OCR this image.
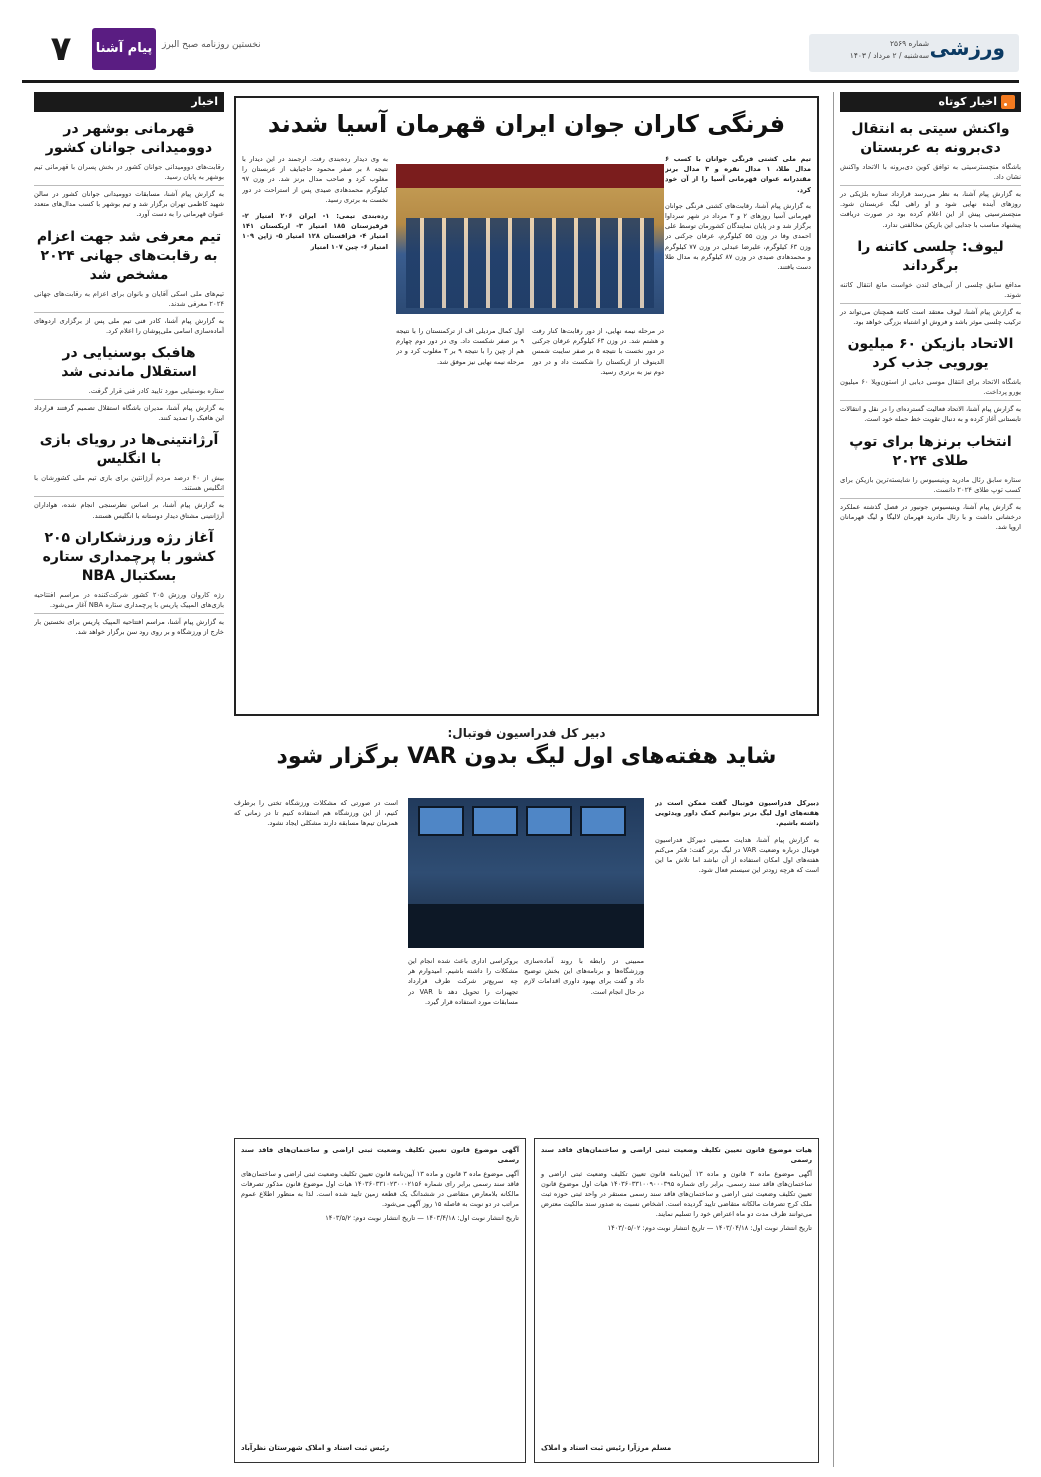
ورزشی
شماره ۲۵۶۹
سه‌شنبه / ۲ مرداد / ۱۴۰۳
۷	پیام آشنا	نخستین روزنامه صبح البرز
اخبار کوتاه
واکنش سیتی به انتقال دی‌برونه به عربستان
باشگاه منچسترسیتی به توافق کوین دی‌برونه با الاتحاد واکنش نشان داد.

به گزارش پیام آشنا، به نظر می‌رسد قرارداد ستاره بلژیکی در روزهای آینده نهایی شود و او راهی لیگ عربستان شود. منچسترسیتی پیش از این اعلام کرده بود در صورت دریافت پیشنهاد مناسب با جدایی این بازیکن مخالفتی ندارد.

لیوف: چلسی کاتنه را برگرداند
مدافع سابق چلسی از آبی‌های لندن خواست مانع انتقال کاتنه شوند.

به گزارش پیام آشنا، لیوف معتقد است کاتنه همچنان می‌تواند در ترکیب چلسی موثر باشد و فروش او اشتباه بزرگی خواهد بود.

الاتحاد بازیکن ۶۰ میلیون یورویی جذب کرد
باشگاه الاتحاد برای انتقال موسی دیابی از استون‌ویلا ۶۰ میلیون یورو پرداخت.

به گزارش پیام آشنا، الاتحاد فعالیت گسترده‌ای را در نقل و انتقالات تابستانی آغاز کرده و به دنبال تقویت خط حمله خود است.

انتخاب برنزها برای توپ طلای ۲۰۲۴
ستاره سابق رئال مادرید وینیسیوس را شایسته‌ترین بازیکن برای کسب توپ طلای ۲۰۲۴ دانست.

به گزارش پیام آشنا، وینیسیوس جونیور در فصل گذشته عملکرد درخشانی داشت و با رئال مادرید قهرمان لالیگا و لیگ قهرمانان اروپا شد.

اخبار
قهرمانی بوشهر در دوومیدانی جوانان کشور
رقابت‌های دوومیدانی جوانان کشور در بخش پسران با قهرمانی تیم بوشهر به پایان رسید.

به گزارش پیام آشنا، مسابقات دوومیدانی جوانان کشور در سالن شهید کاظمی تهران برگزار شد و تیم بوشهر با کسب مدال‌های متعدد عنوان قهرمانی را به دست آورد.

تیم معرفی شد جهت اعزام به رقابت‌های جهانی ۲۰۲۴ مشخص شد
تیم‌های ملی اسکی آقایان و بانوان برای اعزام به رقابت‌های جهانی ۲۰۲۴ معرفی شدند.

به گزارش پیام آشنا، کادر فنی تیم ملی پس از برگزاری اردوهای آماده‌سازی اسامی ملی‌پوشان را اعلام کرد.

هافبک بوسنیایی در استقلال ماندنی شد
ستاره بوسنیایی مورد تایید کادر فنی قرار گرفت.

به گزارش پیام آشنا، مدیران باشگاه استقلال تصمیم گرفتند قرارداد این هافبک را تمدید کنند.

آرژانتینی‌ها در رویای بازی با انگلیس
بیش از ۴۰ درصد مردم آرژانتین برای بازی تیم ملی کشورشان با انگلیس هستند.

به گزارش پیام آشنا، بر اساس نظرسنجی انجام شده، هواداران آرژانتینی مشتاق دیدار دوستانه با انگلیس هستند.

آغاز رژه ورزشکاران ۲۰۵ کشور با پرچمداری ستاره بسکتبال NBA
رژه کاروان ورزش ۲۰۵ کشور شرکت‌کننده در مراسم افتتاحیه بازی‌های المپیک پاریس با پرچمداری ستاره NBA آغاز می‌شود.

به گزارش پیام آشنا، مراسم افتتاحیه المپیک پاریس برای نخستین بار خارج از ورزشگاه و بر روی رود سن برگزار خواهد شد.

فرنگی کاران جوان ایران قهرمان آسیا شدند

تیم ملی کشتی فرنگی جوانان با کسب ۶ مدال طلا، ۱ مدال نقره و ۳ مدال برنز مقتدرانه عنوان قهرمانی آسیا را از آن خود کرد.

به گزارش پیام آشنا، رقابت‌های کشتی فرنگی جوانان قهرمانی آسیا روزهای ۲ و ۳ مرداد در شهر سرداوا برگزار شد و در پایان نمایندگان کشورمان توسط علی احمدی وفا در وزن ۵۵ کیلوگرم، عرفان جرکنی در وزن ۶۳ کیلوگرم، علیرضا عبدلی در وزن ۷۷ کیلوگرم و محمدهادی صیدی در وزن ۸۷ کیلوگرم به مدال طلا دست یافتند.

در مرحله نیمه نهایی، از دور رقابت‌ها کنار رفت و هشتم شد. در وزن ۶۳ کیلوگرم عرفان جرکنی در دور نخست با نتیجه ۵ بر صفر سایبت شمس الدینوف از ازبکستان را شکست داد و در دور دوم نیز به برتری رسید.

اول کمال مردیلی اف از ترکمنستان را با نتیجه ۹ بر صفر شکست داد. وی در دور دوم چهارم هم از چین را با نتیجه ۹ بر ۳ مغلوب کرد و در مرحله نیمه نهایی نیز موفق شد.

به وی دیدار رده‌بندی رفت. ارجمند در این دیدار با نتیجه ۸ بر صفر محمود حاجبایف از عربستان را مغلوب کرد و صاحب مدال برنز شد. در وزن ۹۷ کیلوگرم محمدهادی صیدی پس از استراحت در دور نخست به برتری رسید.

رده‌بندی تیمی: ۱- ایران ۲۰۶ امتیاز ۲- قرقیزستان ۱۸۵ امتیاز ۳- ازبکستان ۱۴۱ امتیاز ۴- قزاقستان ۱۲۸ امتیاز ۵- ژاپن ۱۰۹ امتیاز ۶- چین ۱۰۷ امتیاز

دبیر کل فدراسیون فوتبال:
شاید هفته‌های اول لیگ بدون VAR برگزار شود

دبیرکل فدراسیون فوتبال گفت ممکن است در هفته‌های اول لیگ برتر بتوانیم کمک داور ویدئویی داشته باشیم.

به گزارش پیام آشنا، هدایت ممبینی دبیرکل فدراسیون فوتبال درباره وضعیت VAR در لیگ برتر گفت: فکر می‌کنم هفته‌های اول امکان استفاده از آن نباشد اما تلاش ما این است که هرچه زودتر این سیستم فعال شود.

ممبینی در رابطه با روند آماده‌سازی ورزشگاه‌ها و برنامه‌های این بخش توضیح داد و گفت برای بهبود داوری اقدامات لازم در حال انجام است.

بروکراسی اداری باعث شده انجام این مشکلات را داشته باشیم. امیدوارم هر چه سریع‌تر شرکت طرف قرارداد تجهیزات را تحویل دهد تا VAR در مسابقات مورد استفاده قرار گیرد.

است در صورتی که مشکلات ورزشگاه تختی را برطرف کنیم، از این ورزشگاه هم استفاده کنیم تا در زمانی که همزمان تیم‌ها مسابقه دارند مشکلی ایجاد نشود.

آگهی موضوع قانون تعیین تکلیف وضعیت ثبتی اراضی و ساختمان‌های فاقد سند رسمی

آگهی موضوع ماده ۳ قانون و ماده ۱۳ آیین‌نامه قانون تعیین تکلیف وضعیت ثبتی اراضی و ساختمان‌های فاقد سند رسمی برابر رای شماره ۱۴۰۳۶۰۳۳۱۰۲۳۰۰۰۲۱۵۶ هیات اول موضوع قانون مذکور تصرفات مالکانه بلامعارض متقاضی در ششدانگ یک قطعه زمین تایید شده است. لذا به منظور اطلاع عموم مراتب در دو نوبت به فاصله ۱۵ روز آگهی می‌شود.

تاریخ انتشار نوبت اول: ۱۴۰۳/۴/۱۸ — تاریخ انتشار نوبت دوم: ۱۴۰۳/۵/۲

رئیس ثبت اسناد و املاک شهرستان نظرآباد

هیات موضوع قانون تعیین تکلیف وضعیت ثبتی اراضی و ساختمان‌های فاقد سند رسمی

آگهی موضوع ماده ۳ قانون و ماده ۱۳ آیین‌نامه قانون تعیین تکلیف وضعیت ثبتی اراضی و ساختمان‌های فاقد سند رسمی. برابر رای شماره ۱۴۰۳۶۰۳۳۱۰۰۹۰۰۰۳۹۵ هیات اول موضوع قانون تعیین تکلیف وضعیت ثبتی اراضی و ساختمان‌های فاقد سند رسمی مستقر در واحد ثبتی حوزه ثبت ملک کرج تصرفات مالکانه متقاضی تایید گردیده است. اشخاص نسبت به صدور سند مالکیت معترض می‌توانند ظرف مدت دو ماه اعتراض خود را تسلیم نمایند.

تاریخ انتشار نوبت اول: ۱۴۰۳/۰۴/۱۸ — تاریخ انتشار نوبت دوم: ۱۴۰۳/۰۵/۰۲

مسلم مرزآرا رئیس ثبت اسناد و املاک
